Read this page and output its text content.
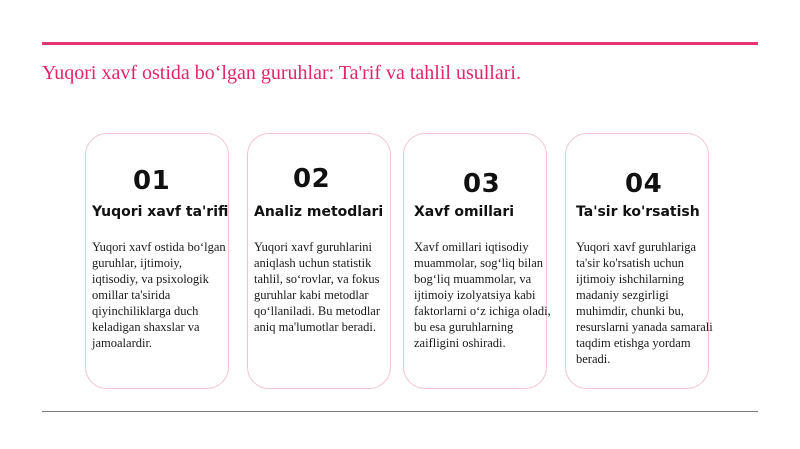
Yuqori xavf ostida bo‘lgan guruhlar: Ta'rif va tahlil usullari.
01
Yuqori xavf ta'rifi
Yuqori xavf ostida bo‘lgan guruhlar, ijtimoiy, iqtisodiy, va psixologik omillar ta'sirida qiyinchiliklarga duch keladigan shaxslar va jamoalardir.
02
Analiz metodlari
Yuqori xavf guruhlarini aniqlash uchun statistik tahlil, so‘rovlar, va fokus guruhlar kabi metodlar qo‘llaniladi. Bu metodlar aniq ma'lumotlar beradi.
03
Xavf omillari
Xavf omillari iqtisodiy muammolar, sog‘liq bilan bog‘liq muammolar, va ijtimoiy izolyatsiya kabi faktorlarni o‘z ichiga oladi, bu esa guruhlarning zaifligini oshiradi.
04
Ta'sir ko'rsatish
Yuqori xavf guruhlariga ta'sir ko'rsatish uchun ijtimoiy ishchilarning madaniy sezgirligi muhimdir, chunki bu, resurslarni yanada samarali taqdim etishga yordam beradi.
